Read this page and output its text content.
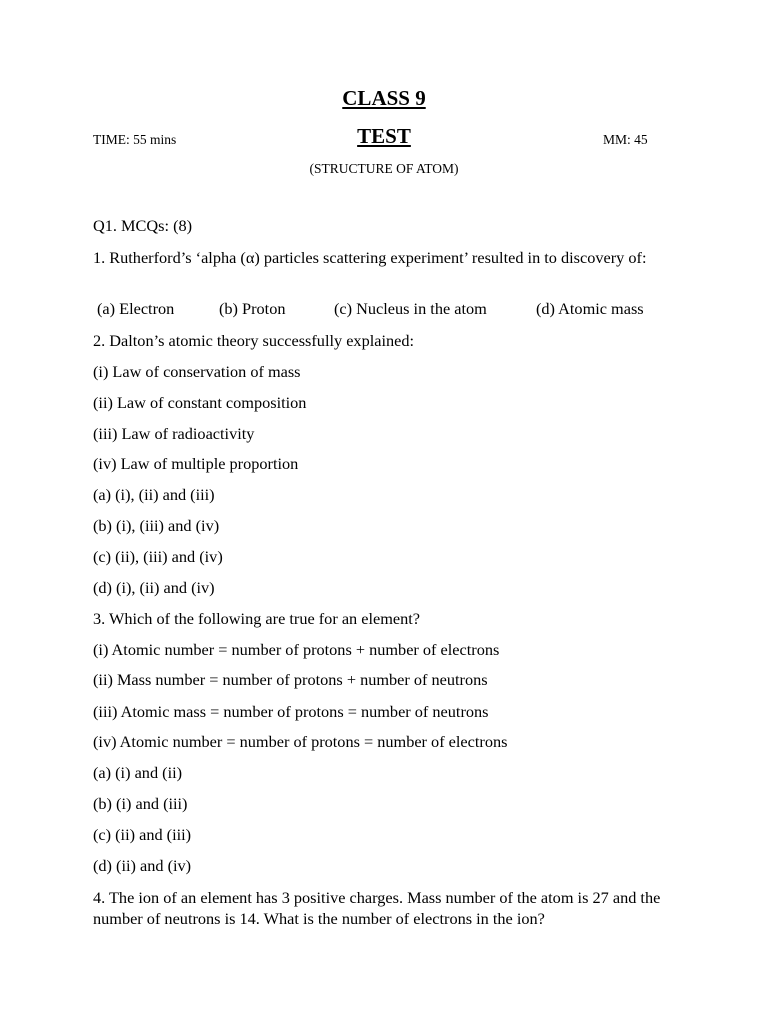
CLASS 9
TIME: 55 mins	TEST	MM: 45
(STRUCTURE OF ATOM)
Q1. MCQs: (8)
1. Rutherford’s ‘alpha (α) particles scattering experiment’ resulted in to discovery of:
(a) Electron	(b) Proton	(c) Nucleus in the atom	(d) Atomic mass
2. Dalton’s atomic theory successfully explained:
(i) Law of conservation of mass
(ii) Law of constant composition
(iii) Law of radioactivity
(iv) Law of multiple proportion
(a) (i), (ii) and (iii)
(b) (i), (iii) and (iv)
(c) (ii), (iii) and (iv)
(d) (i), (ii) and (iv)
3. Which of the following are true for an element?
(i) Atomic number = number of protons + number of electrons
(ii) Mass number = number of protons + number of neutrons
(iii) Atomic mass = number of protons = number of neutrons
(iv) Atomic number = number of protons = number of electrons
(a) (i) and (ii)
(b) (i) and (iii)
(c) (ii) and (iii)
(d) (ii) and (iv)
4. The ion of an element has 3 positive charges. Mass number of the atom is 27 and the number of neutrons is 14. What is the number of electrons in the ion?
